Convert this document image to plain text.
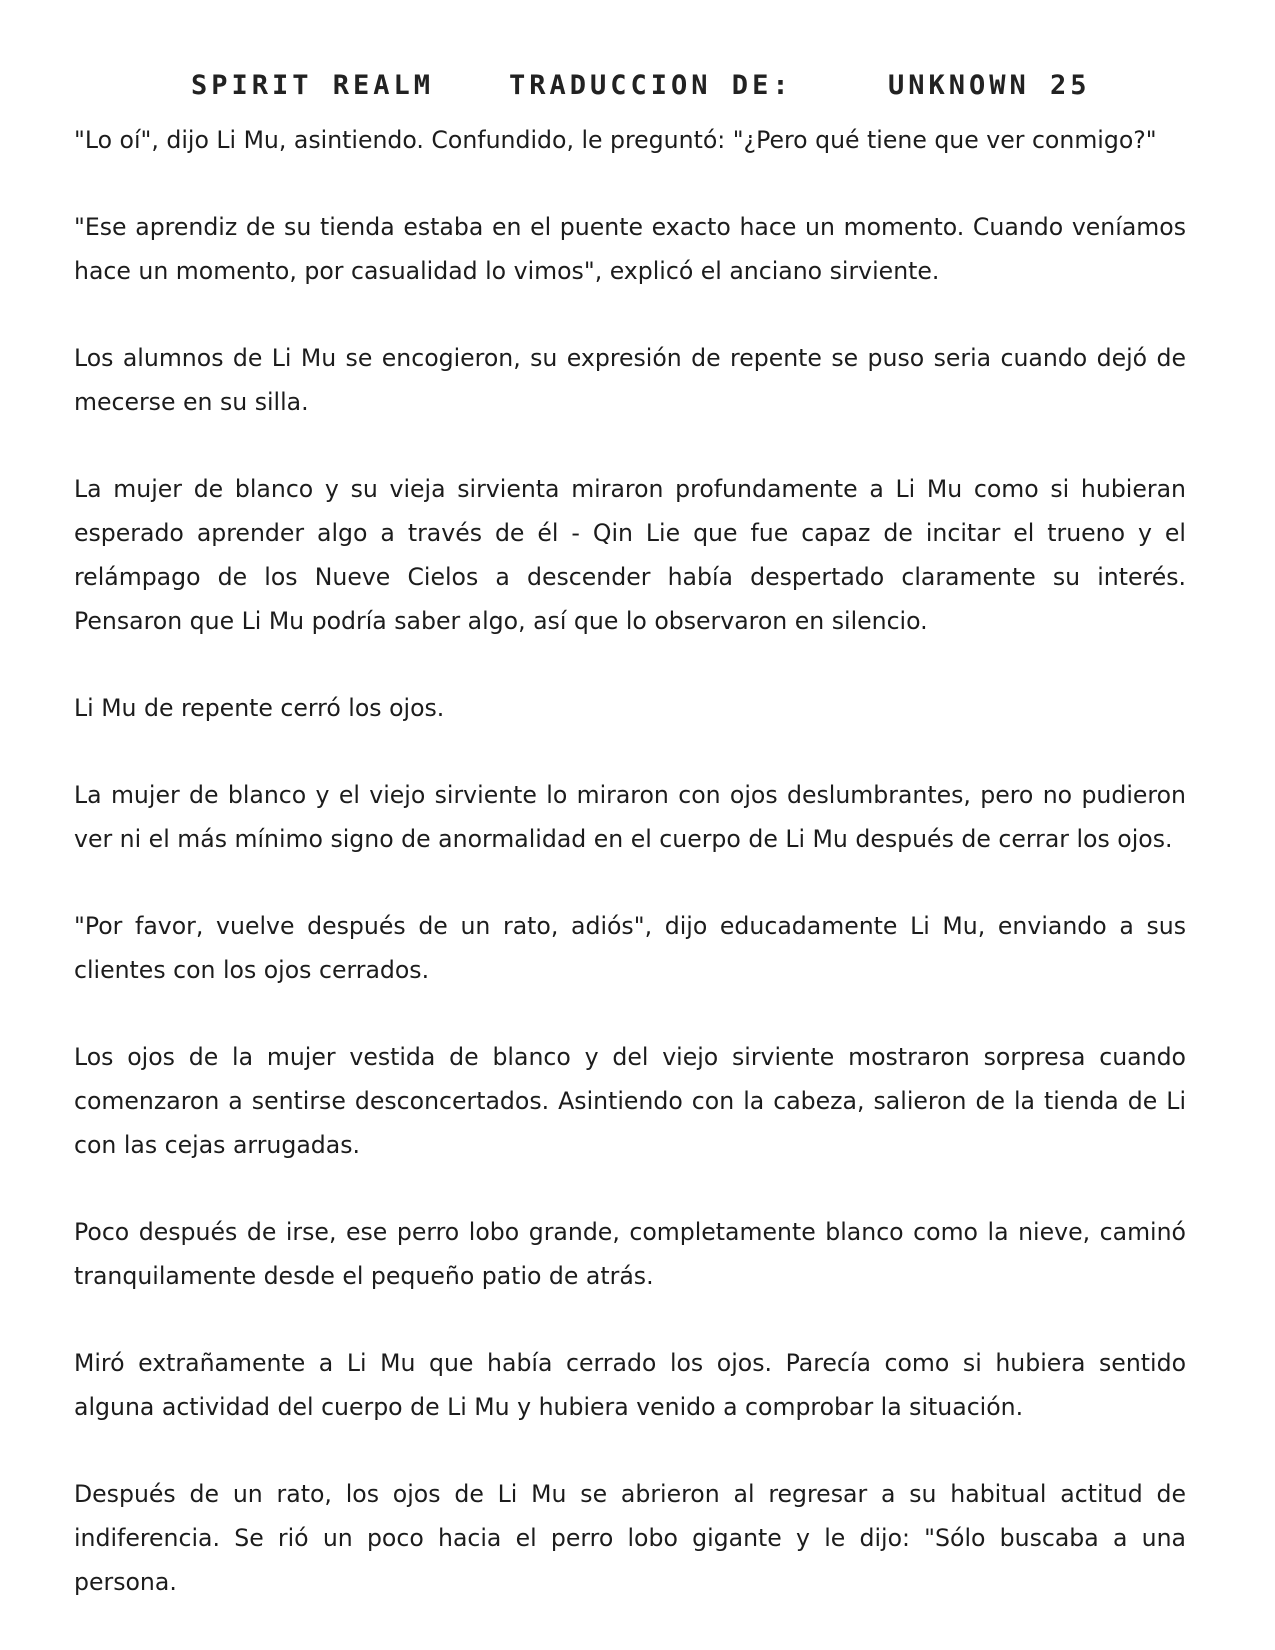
SPIRIT REALM	TRADUCCION DE:	UNKNOWN 25

"Lo oí", dijo Li Mu, asintiendo. Confundido, le preguntó: "¿Pero qué tiene que ver conmigo?"

"Ese aprendiz de su tienda estaba en el puente exacto hace un momento. Cuando veníamos hace un momento, por casualidad lo vimos", explicó el anciano sirviente.

Los alumnos de Li Mu se encogieron, su expresión de repente se puso seria cuando dejó de mecerse en su silla.

La mujer de blanco y su vieja sirvienta miraron profundamente a Li Mu como si hubieran esperado aprender algo a través de él - Qin Lie que fue capaz de incitar el trueno y el relámpago de los Nueve Cielos a descender había despertado claramente su interés. Pensaron que Li Mu podría saber algo, así que lo observaron en silencio.

Li Mu de repente cerró los ojos.

La mujer de blanco y el viejo sirviente lo miraron con ojos deslumbrantes, pero no pudieron ver ni el más mínimo signo de anormalidad en el cuerpo de Li Mu después de cerrar los ojos.

"Por favor, vuelve después de un rato, adiós", dijo educadamente Li Mu, enviando a sus clientes con los ojos cerrados.

Los ojos de la mujer vestida de blanco y del viejo sirviente mostraron sorpresa cuando comenzaron a sentirse desconcertados. Asintiendo con la cabeza, salieron de la tienda de Li con las cejas arrugadas.

Poco después de irse, ese perro lobo grande, completamente blanco como la nieve, caminó tranquilamente desde el pequeño patio de atrás.

Miró extrañamente a Li Mu que había cerrado los ojos. Parecía como si hubiera sentido alguna actividad del cuerpo de Li Mu y hubiera venido a comprobar la situación.

Después de un rato, los ojos de Li Mu se abrieron al regresar a su habitual actitud de indiferencia. Se rió un poco hacia el perro lobo gigante y le dijo: "Sólo buscaba a una persona.
